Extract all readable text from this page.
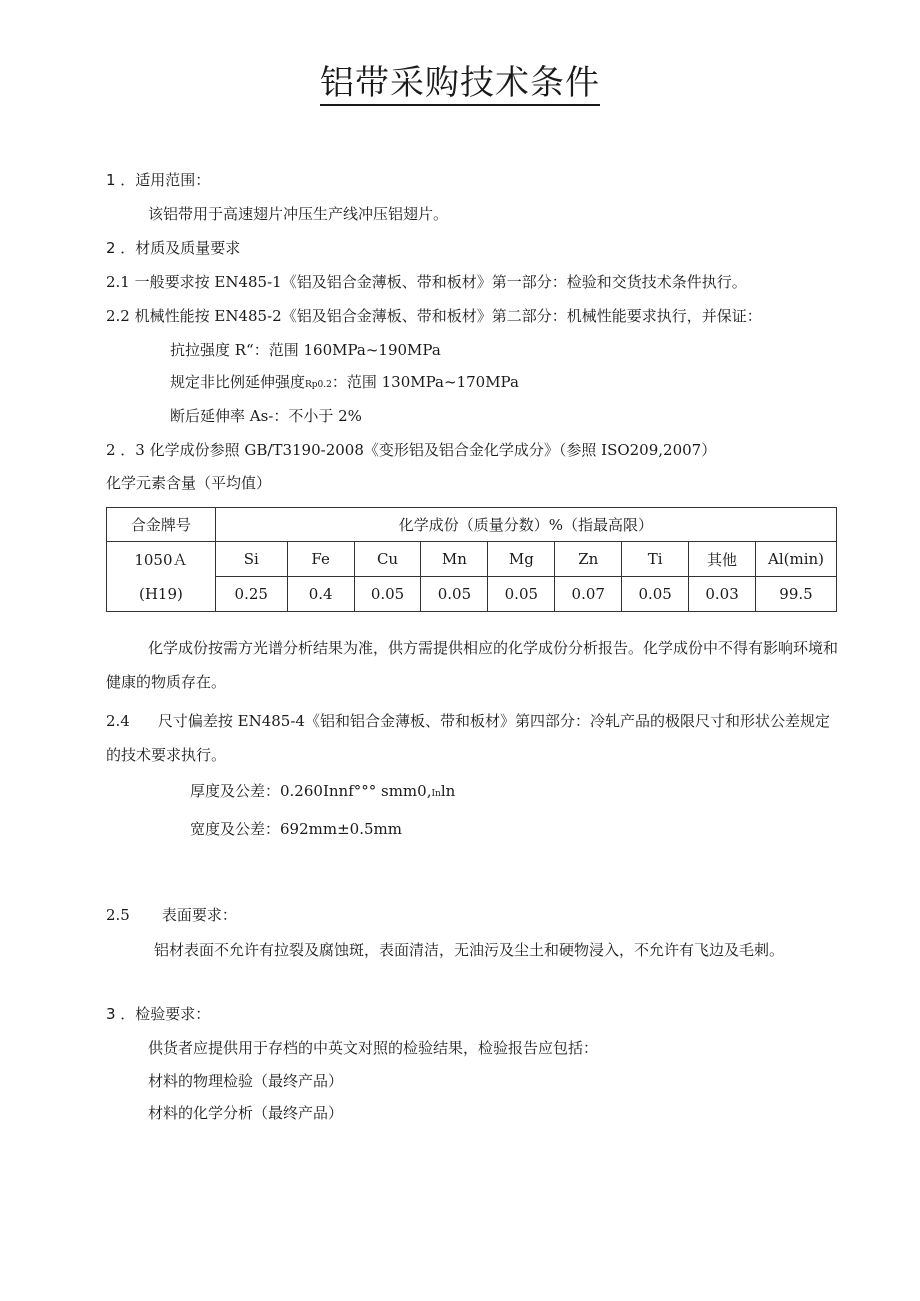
铝带采购技术条件
1 ．适用范围：
该铝带用于高速翅片冲压生产线冲压铝翅片。
2 ．材质及质量要求
2.1 一般要求按 EN485-1《铝及铝合金薄板、带和板材》第一部分：检验和交货技术条件执行。
2.2 机械性能按 EN485-2《铝及铝合金薄板、带和板材》第二部分：机械性能要求执行，并保证：
抗拉强度 R“：范围 160MPa~190MPa
规定非比例延伸强度Rp0.2：范围 130MPa~170MPa
断后延伸率 As-：不小于 2%
2 ．3 化学成份参照 GB/T3190-2008《变形铝及铝合金化学成分》（参照 ISO209,2007）
化学元素含量（平均值）
合金牌号	化学成份（质量分数）%（指最高限）								
1050Ａ	Si	Fe	Cu	Mn	Mg	Zn	Ti	其他	Al(min)
(H19)	0.25	0.4	0.05	0.05	0.05	0.07	0.05	0.03	99.5
化学成份按需方光谱分析结果为准，供方需提供相应的化学成份分析报告。化学成份中不得有影响环境和健康的物质存在。
2.4 尺寸偏差按 EN485-4《铝和铝合金薄板、带和板材》第四部分：冷轧产品的极限尺寸和形状公差规定的技术要求执行。
厚度及公差：0.260Innf°°° smm0,Inln
宽度及公差：692mm±0.5mm
2.5 表面要求：
铝材表面不允许有拉裂及腐蚀斑，表面清洁，无油污及尘土和硬物浸入，不允许有飞边及毛刺。
3 ．检验要求：
供货者应提供用于存档的中英文对照的检验结果，检验报告应包括：
材料的物理检验（最终产品）
材料的化学分析（最终产品）
